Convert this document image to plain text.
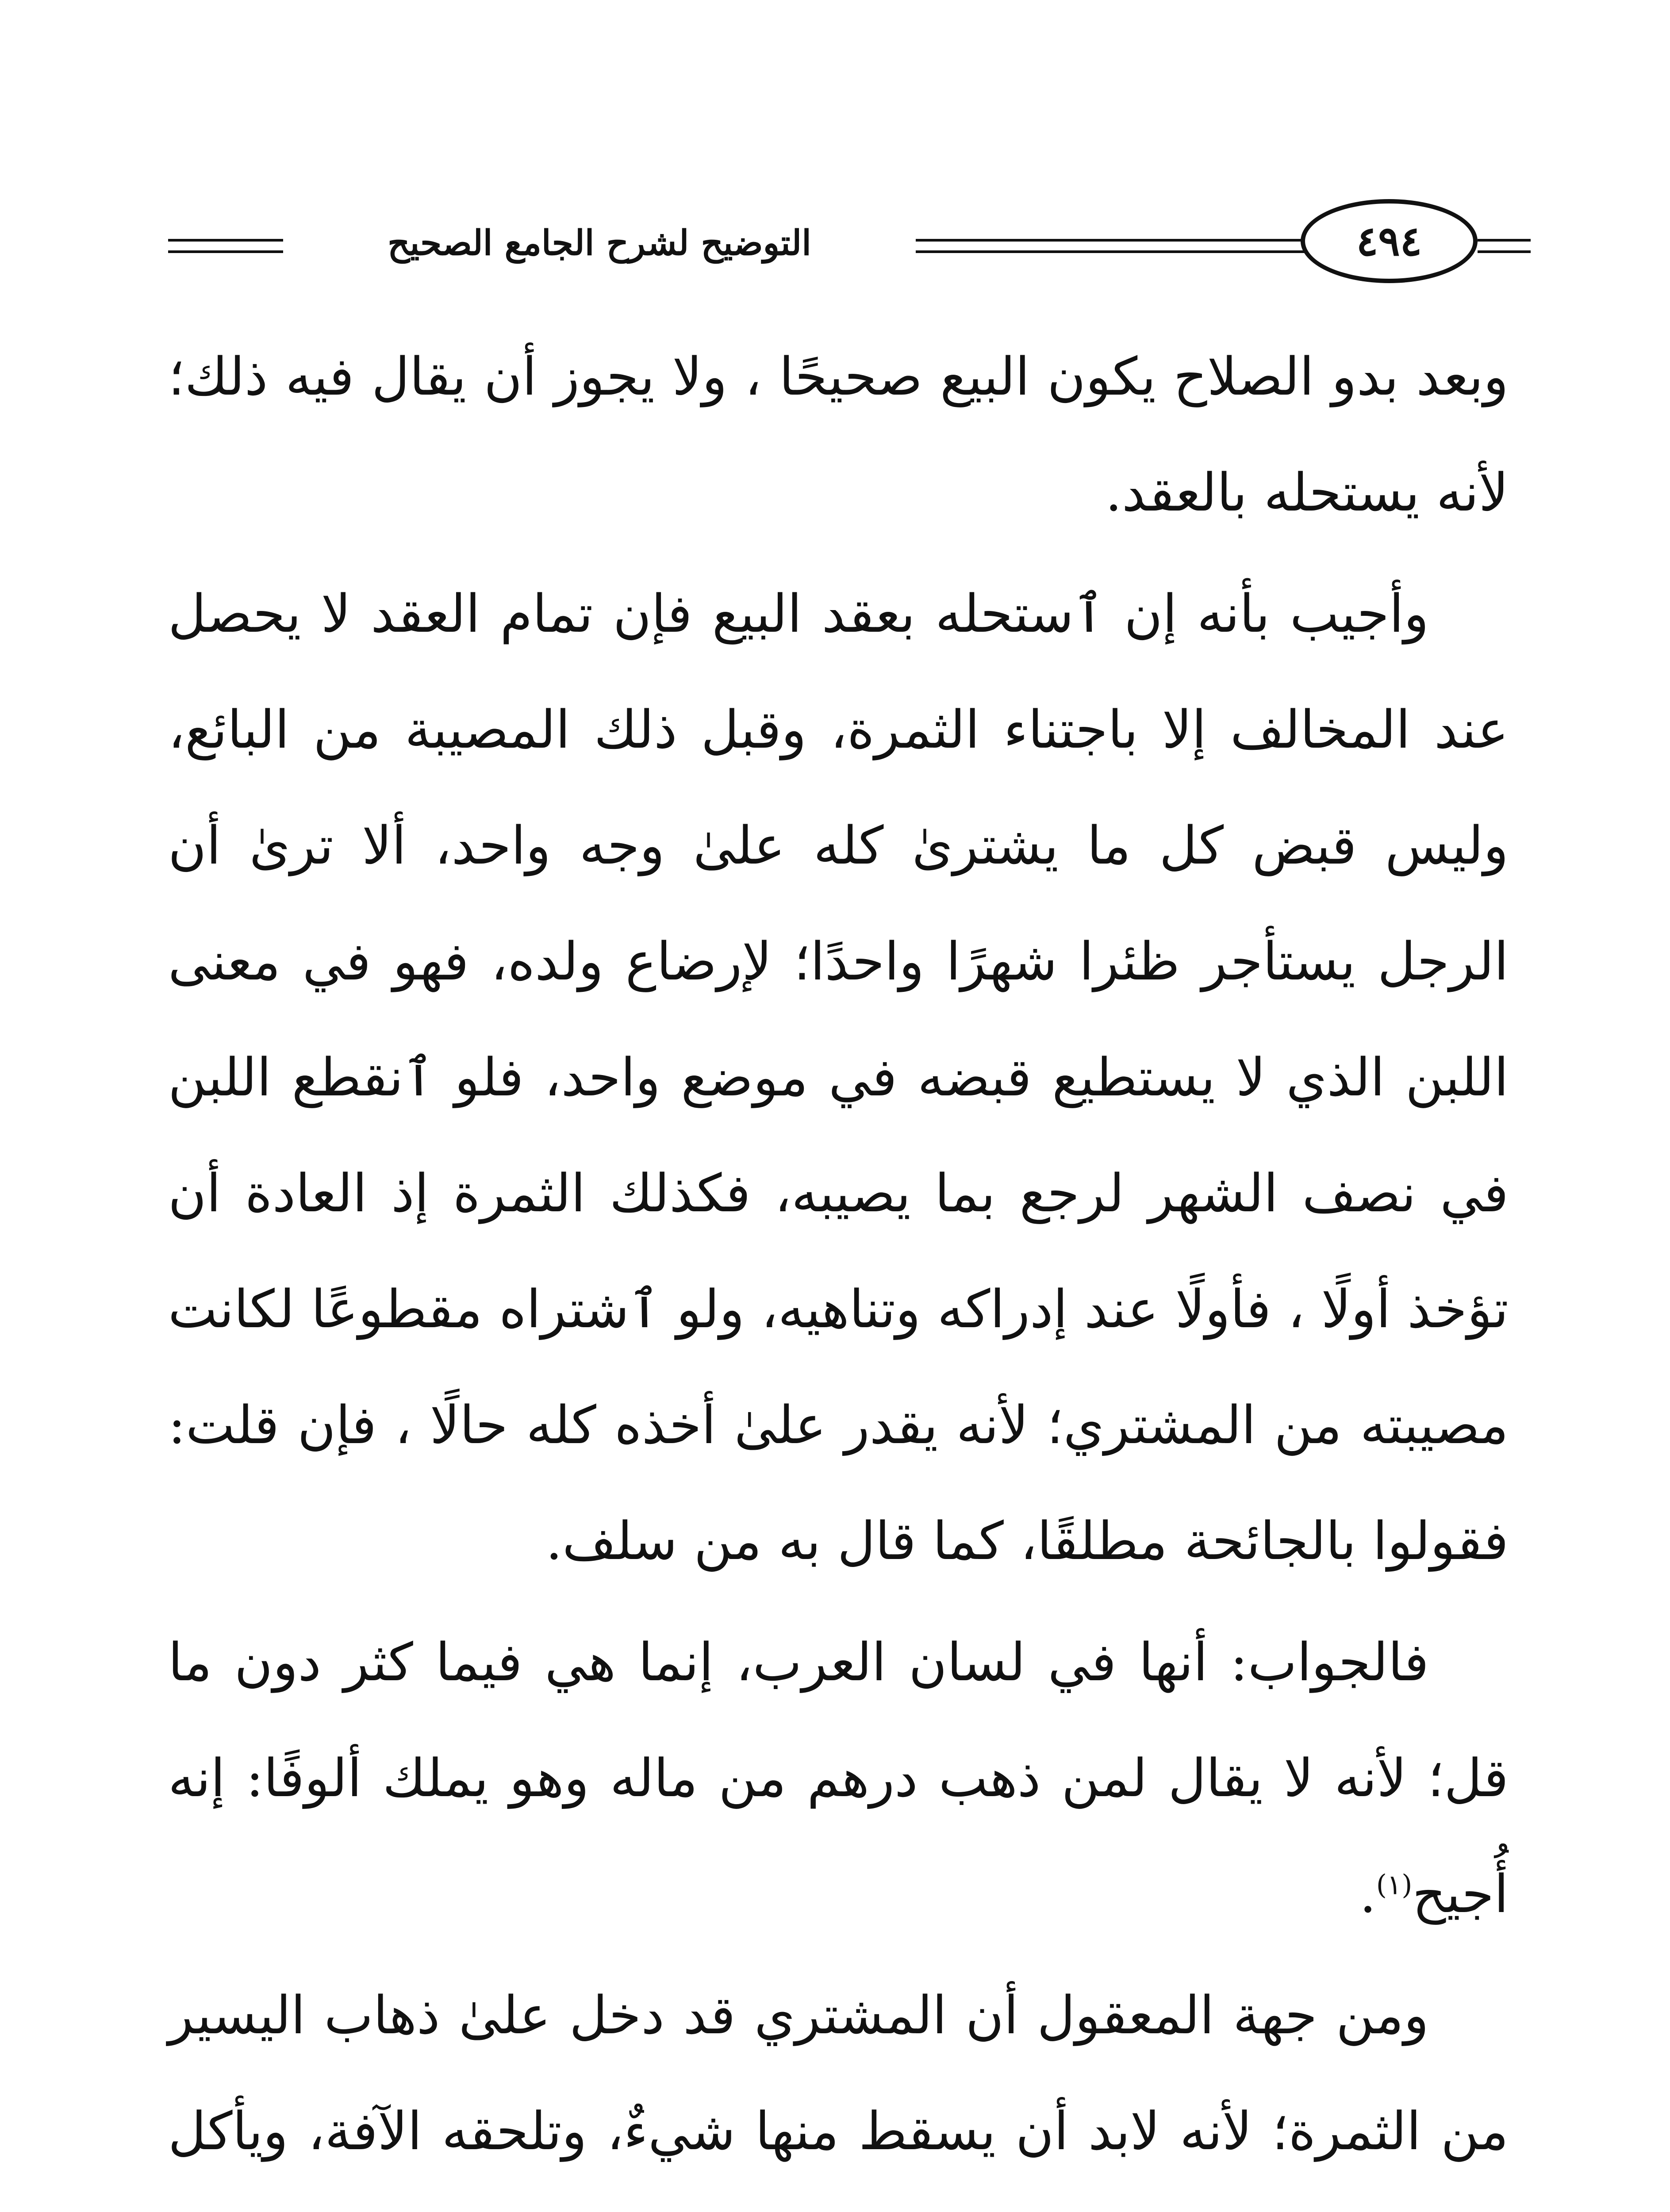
التوضيح لشرح الجامع الصحيح	٤٩٤

وبعد بدو الصلاح يكون البيع صحيحًا ، ولا يجوز أن يقال فيه ذلك؛ لأنه يستحله بالعقد.

وأجيب بأنه إن ٱستحله بعقد البيع فإن تمام العقد لا يحصل عند المخالف إلا باجتناء الثمرة، وقبل ذلك المصيبة من البائع، وليس قبض كل ما يشترىٰ كله علىٰ وجه واحد، ألا ترىٰ أن الرجل يستأجر ظئرا شهرًا واحدًا؛ لإرضاع ولده، فهو في معنى اللبن الذي لا يستطيع قبضه في موضع واحد، فلو ٱنقطع اللبن في نصف الشهر لرجع بما يصيبه، فكذلك الثمرة إذ العادة أن تؤخذ أولًا ، فأولًا عند إدراكه وتناهيه، ولو ٱشتراه مقطوعًا لكانت مصيبته من المشتري؛ لأنه يقدر علىٰ أخذه كله حالًا ، فإن قلت: فقولوا بالجائحة مطلقًا، كما قال به من سلف.

فالجواب: أنها في لسان العرب، إنما هي فيما كثر دون ما قل؛ لأنه لا يقال لمن ذهب درهم من ماله وهو يملك ألوفًا: إنه أُجيح$^{(١)}$.

ومن جهة المعقول أن المشتري قد دخل علىٰ ذهاب اليسير من الثمرة؛ لأنه لابد أن يسقط منها شيءٌ، وتلحقه الآفة، ويأكل
